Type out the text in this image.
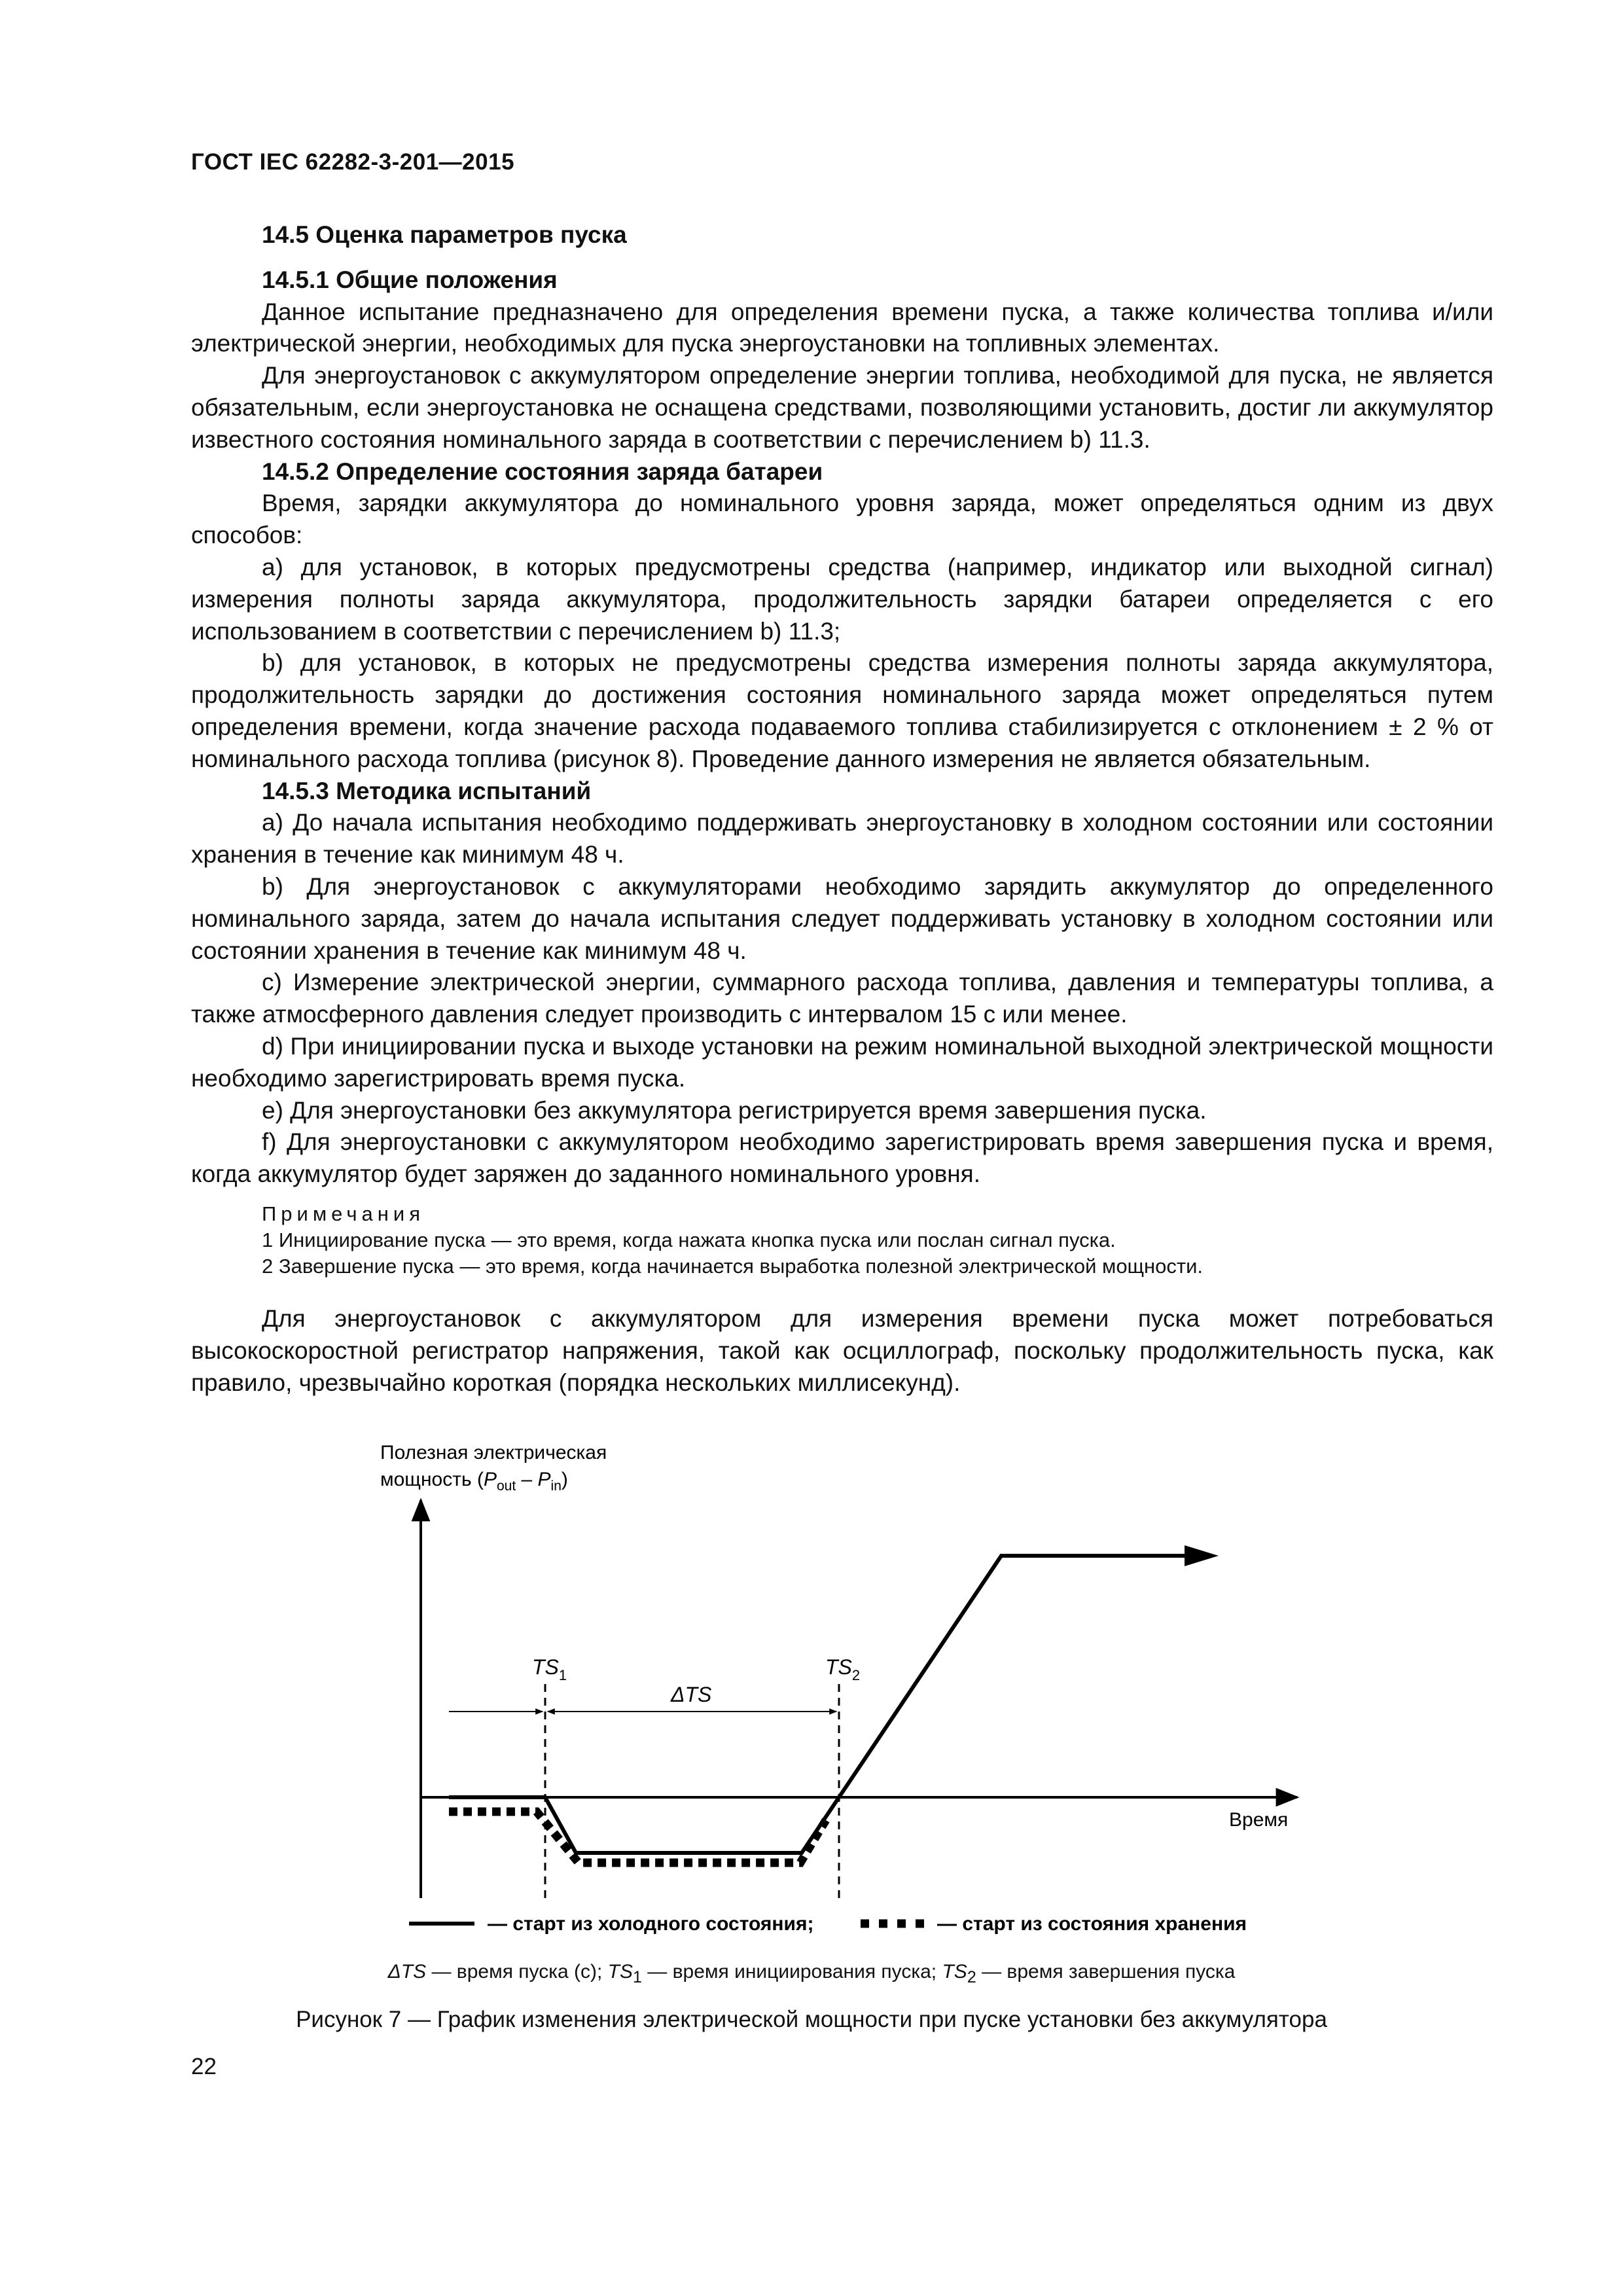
ГОСТ IEC 62282-3-201—2015

14.5 Оценка параметров пуска

14.5.1 Общие положения

Данное испытание предназначено для определения времени пуска, а также количества топлива и/или электрической энергии, необходимых для пуска энергоустановки на топливных элементах.

Для энергоустановок с аккумулятором определение энергии топлива, необходимой для пуска, не является обязательным, если энергоустановка не оснащена средствами, позволяющими установить, достиг ли аккумулятор известного состояния номинального заряда в соответствии с перечислением b) 11.3.

14.5.2 Определение состояния заряда батареи

Время, зарядки аккумулятора до номинального уровня заряда, может определяться одним из двух способов:

а) для установок, в которых предусмотрены средства (например, индикатор или выходной сигнал) измерения полноты заряда аккумулятора, продолжительность зарядки батареи определяется с его использованием в соответствии с перечислением b) 11.3;

b) для установок, в которых не предусмотрены средства измерения полноты заряда аккумулятора, продолжительность зарядки до достижения состояния номинального заряда может определяться путем определения времени, когда значение расхода подаваемого топлива стабилизируется с отклонением ± 2 % от номинального расхода топлива (рисунок 8). Проведение данного измерения не является обязательным.

14.5.3 Методика испытаний

а) До начала испытания необходимо поддерживать энергоустановку в холодном состоянии или состоянии хранения в течение как минимум 48 ч.

b) Для энергоустановок с аккумуляторами необходимо зарядить аккумулятор до определенного номинального заряда, затем до начала испытания следует поддерживать установку в холодном состоянии или состоянии хранения в течение как минимум 48 ч.

с) Измерение электрической энергии, суммарного расхода топлива, давления и температуры топлива, а также атмосферного давления следует производить с интервалом 15 с или менее.

d) При инициировании пуска и выходе установки на режим номинальной выходной электрической мощности необходимо зарегистрировать время пуска.

e) Для энергоустановки без аккумулятора регистрируется время завершения пуска.

f) Для энергоустановки с аккумулятором необходимо зарегистрировать время завершения пуска и время, когда аккумулятор будет заряжен до заданного номинального уровня.

Примечания
1 Инициирование пуска — это время, когда нажата кнопка пуска или послан сигнал пуска.
2 Завершение пуска — это время, когда начинается выработка полезной электрической мощности.

Для энергоустановок с аккумулятором для измерения времени пуска может потребоваться высокоскоростной регистратор напряжения, такой как осциллограф, поскольку продолжительность пуска, как правило, чрезвычайно короткая (порядка нескольких миллисекунд).

Полезная электрическая
мощность $(P_{out} - P_{in})$
Время
$TS_1$	$TS_2$
ΔTS
— старт из холодного состояния;	— старт из состояния хранения
ΔTS — время пуска (с); $TS_1$ — время инициирования пуска; $TS_2$ — время завершения пуска
Рисунок 7 — График изменения электрической мощности при пуске установки без аккумулятора
22
